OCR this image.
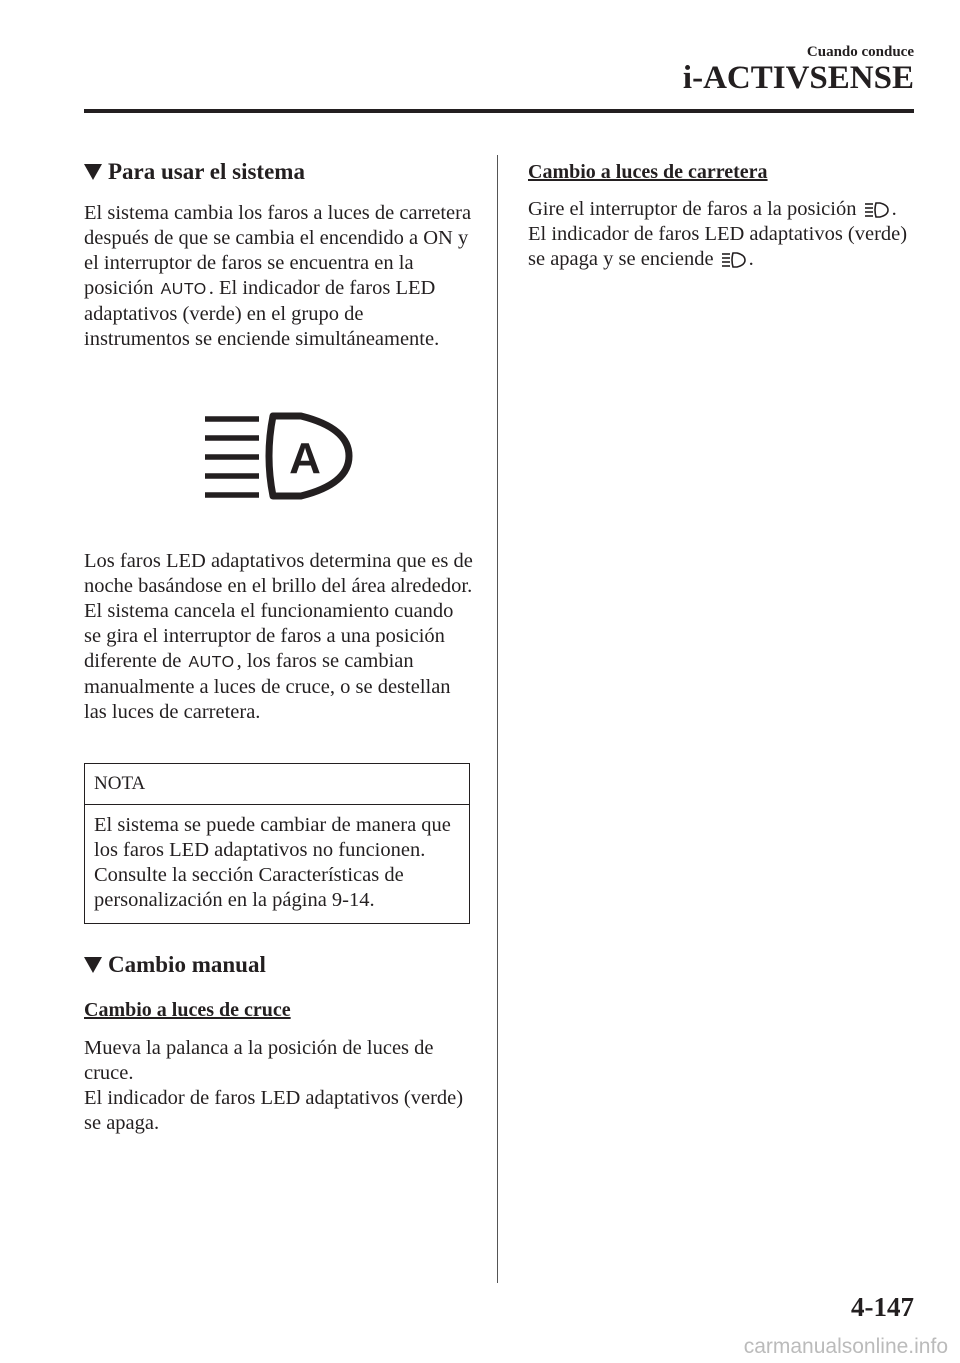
Cuando conduce
i-ACTIVSENSE
Para usar el sistema

El sistema cambia los faros a luces de carretera después de que se cambia el encendido a ON y el interruptor de faros se encuentra en la posición AUTO. El indicador de faros LED adaptativos (verde) en el grupo de instrumentos se enciende simultáneamente.

A

Los faros LED adaptativos determina que es de noche basándose en el brillo del área alrededor.

El sistema cancela el funcionamiento cuando se gira el interruptor de faros a una posición diferente de AUTO, los faros se cambian manualmente a luces de cruce, o se destellan las luces de carretera.

NOTA

El sistema se puede cambiar de manera que los faros LED adaptativos no funcionen.

Consulte la sección Características de personalización en la página 9-14.

Cambio manual
Cambio a luces de cruce

Mueva la palanca a la posición de luces de cruce.

El indicador de faros LED adaptativos (verde) se apaga.

Cambio a luces de carretera

Gire el interruptor de faros a la posición .

El indicador de faros LED adaptativos (verde) se apaga y se enciende .

4-147
carmanualsonline.info
